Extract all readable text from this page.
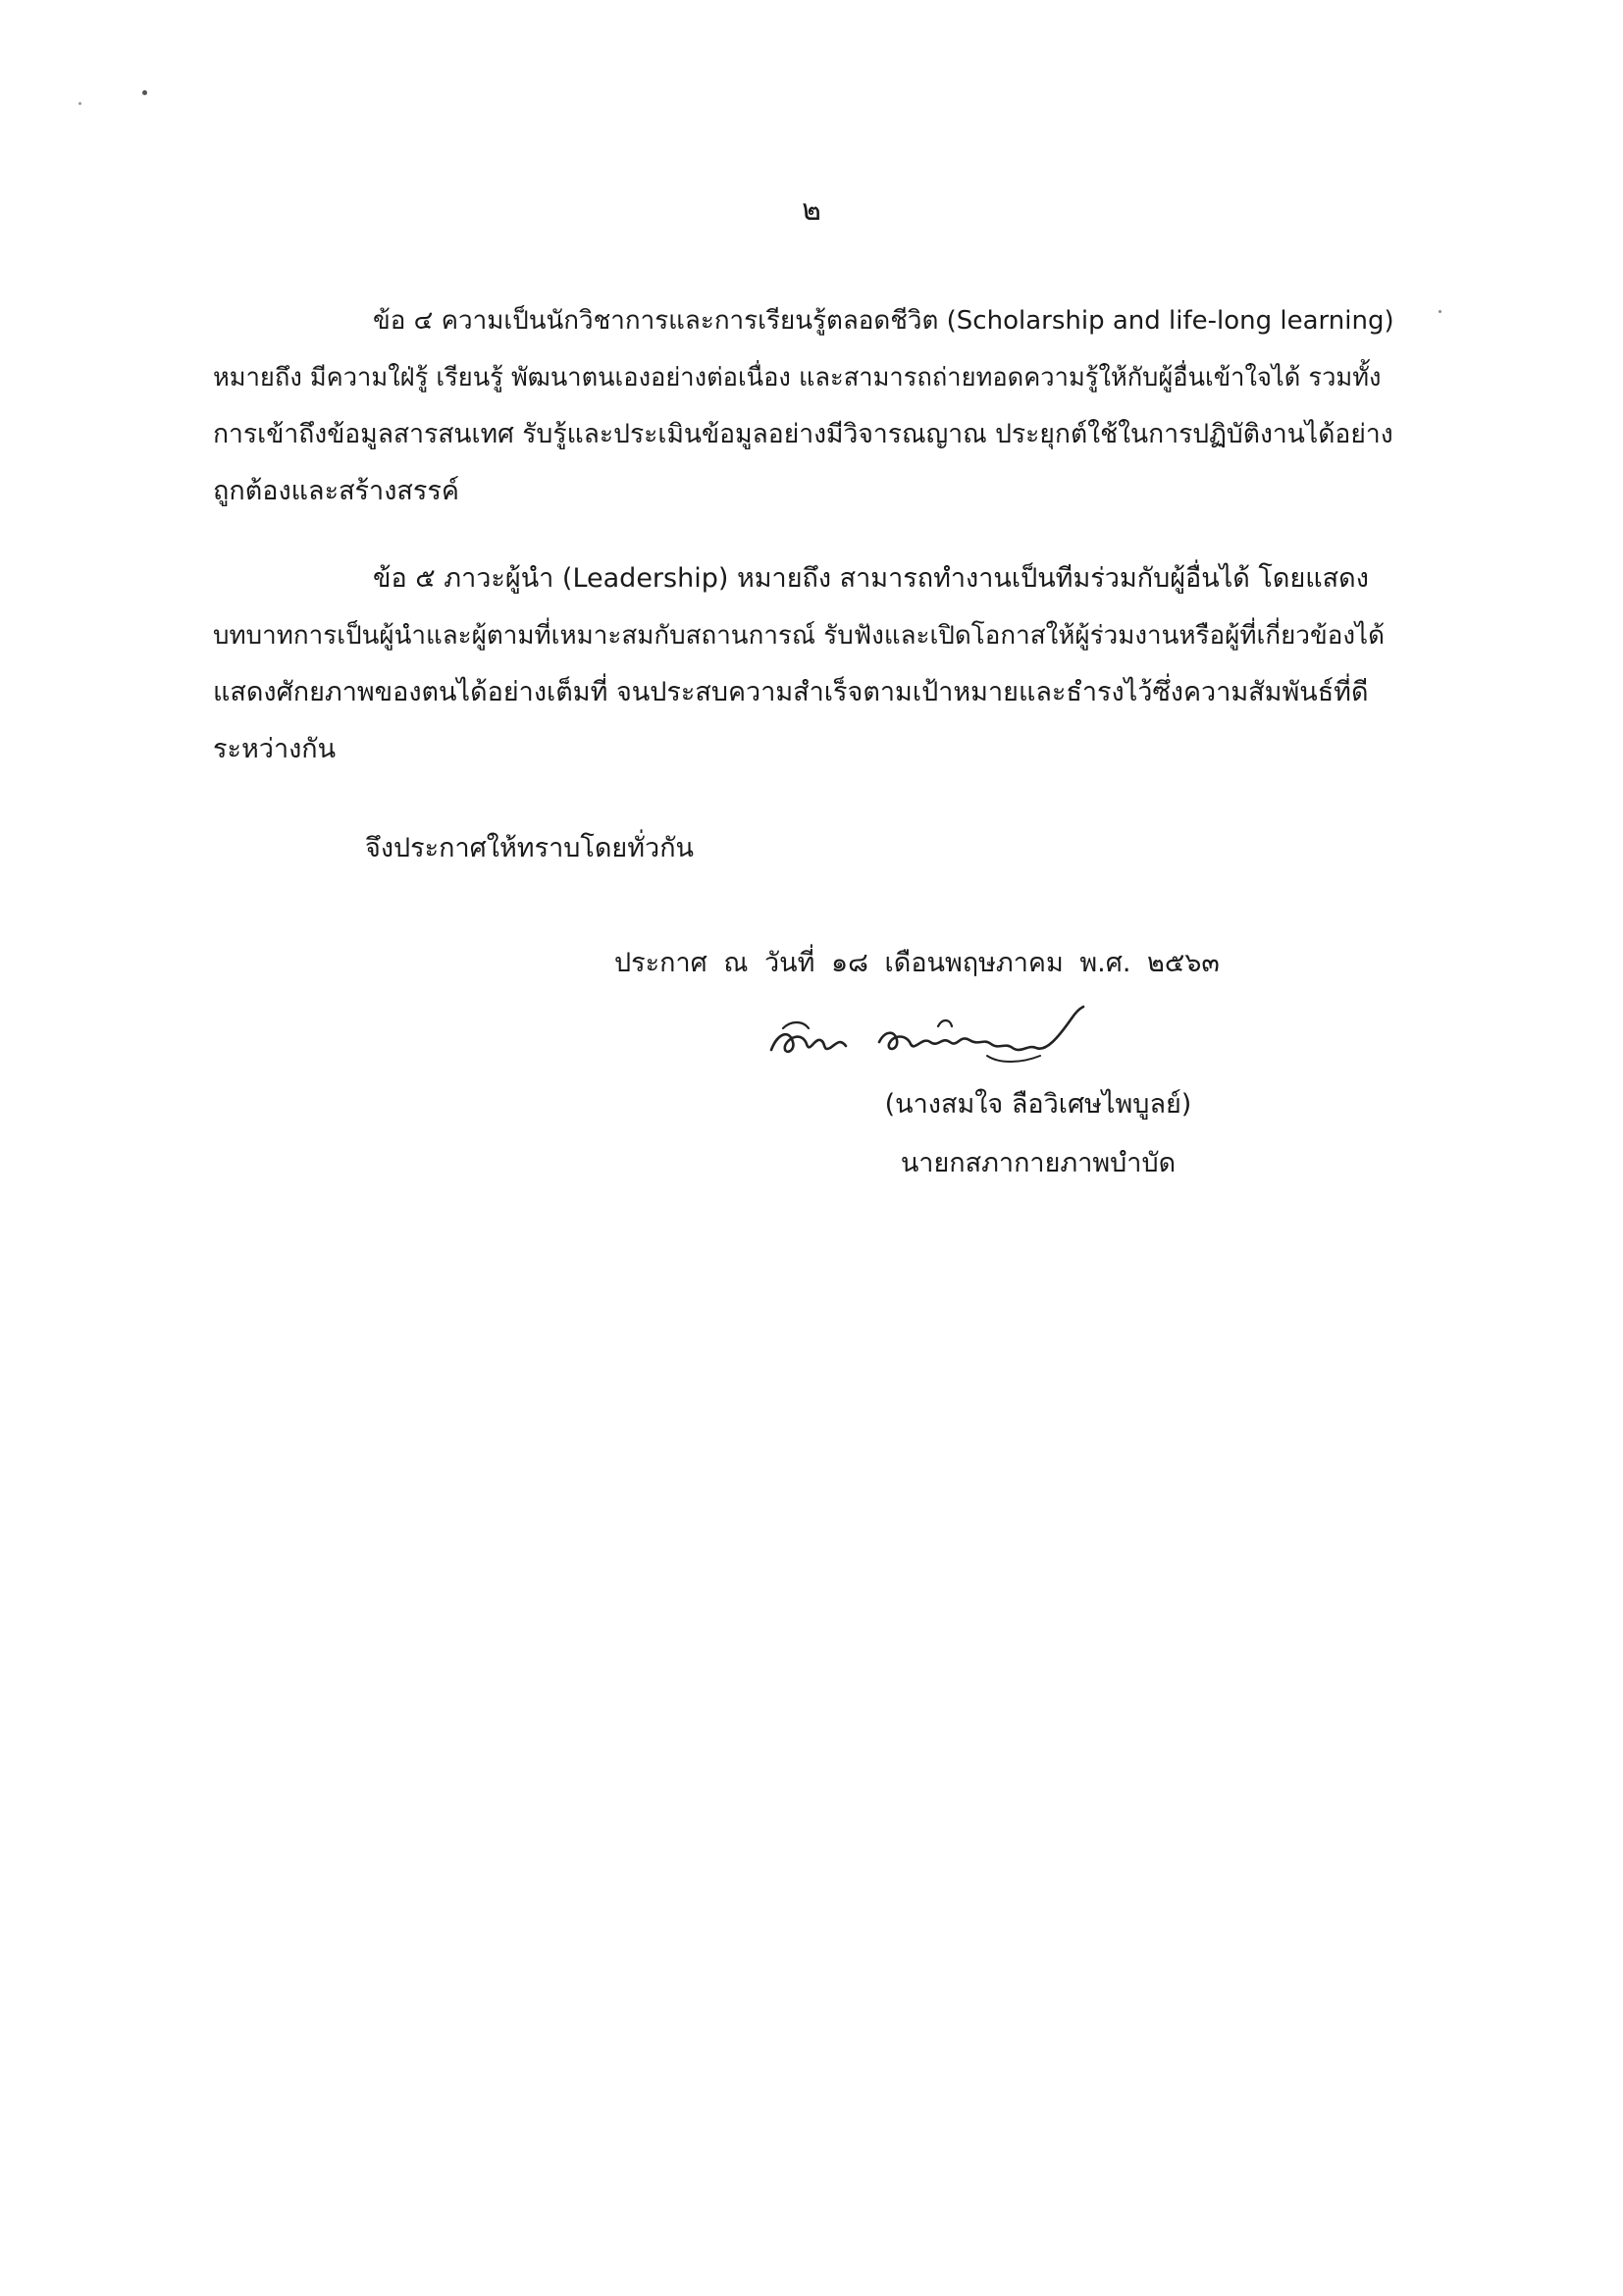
๒
ข้อ ๔ ความเป็นนักวิชาการและการเรียนรู้ตลอดชีวิต (Scholarship and life-long learning)
หมายถึง มีความใฝ่รู้ เรียนรู้ พัฒนาตนเองอย่างต่อเนื่อง และสามารถถ่ายทอดความรู้ให้กับผู้อื่นเข้าใจได้ รวมทั้ง
การเข้าถึงข้อมูลสารสนเทศ รับรู้และประเมินข้อมูลอย่างมีวิจารณญาณ ประยุกต์ใช้ในการปฏิบัติงานได้อย่าง
ถูกต้องและสร้างสรรค์
ข้อ ๕ ภาวะผู้นำ (Leadership) หมายถึง สามารถทำงานเป็นทีมร่วมกับผู้อื่นได้ โดยแสดง
บทบาทการเป็นผู้นำและผู้ตามที่เหมาะสมกับสถานการณ์ รับฟังและเปิดโอกาสให้ผู้ร่วมงานหรือผู้ที่เกี่ยวข้องได้
แสดงศักยภาพของตนได้อย่างเต็มที่ จนประสบความสำเร็จตามเป้าหมายและธำรงไว้ซึ่งความสัมพันธ์ที่ดี
ระหว่างกัน
จึงประกาศให้ทราบโดยทั่วกัน
ประกาศ ณ วันที่ ๑๘ เดือนพฤษภาคม พ.ศ. ๒๕๖๓
(นางสมใจ ลือวิเศษไพบูลย์)
นายกสภากายภาพบำบัด
